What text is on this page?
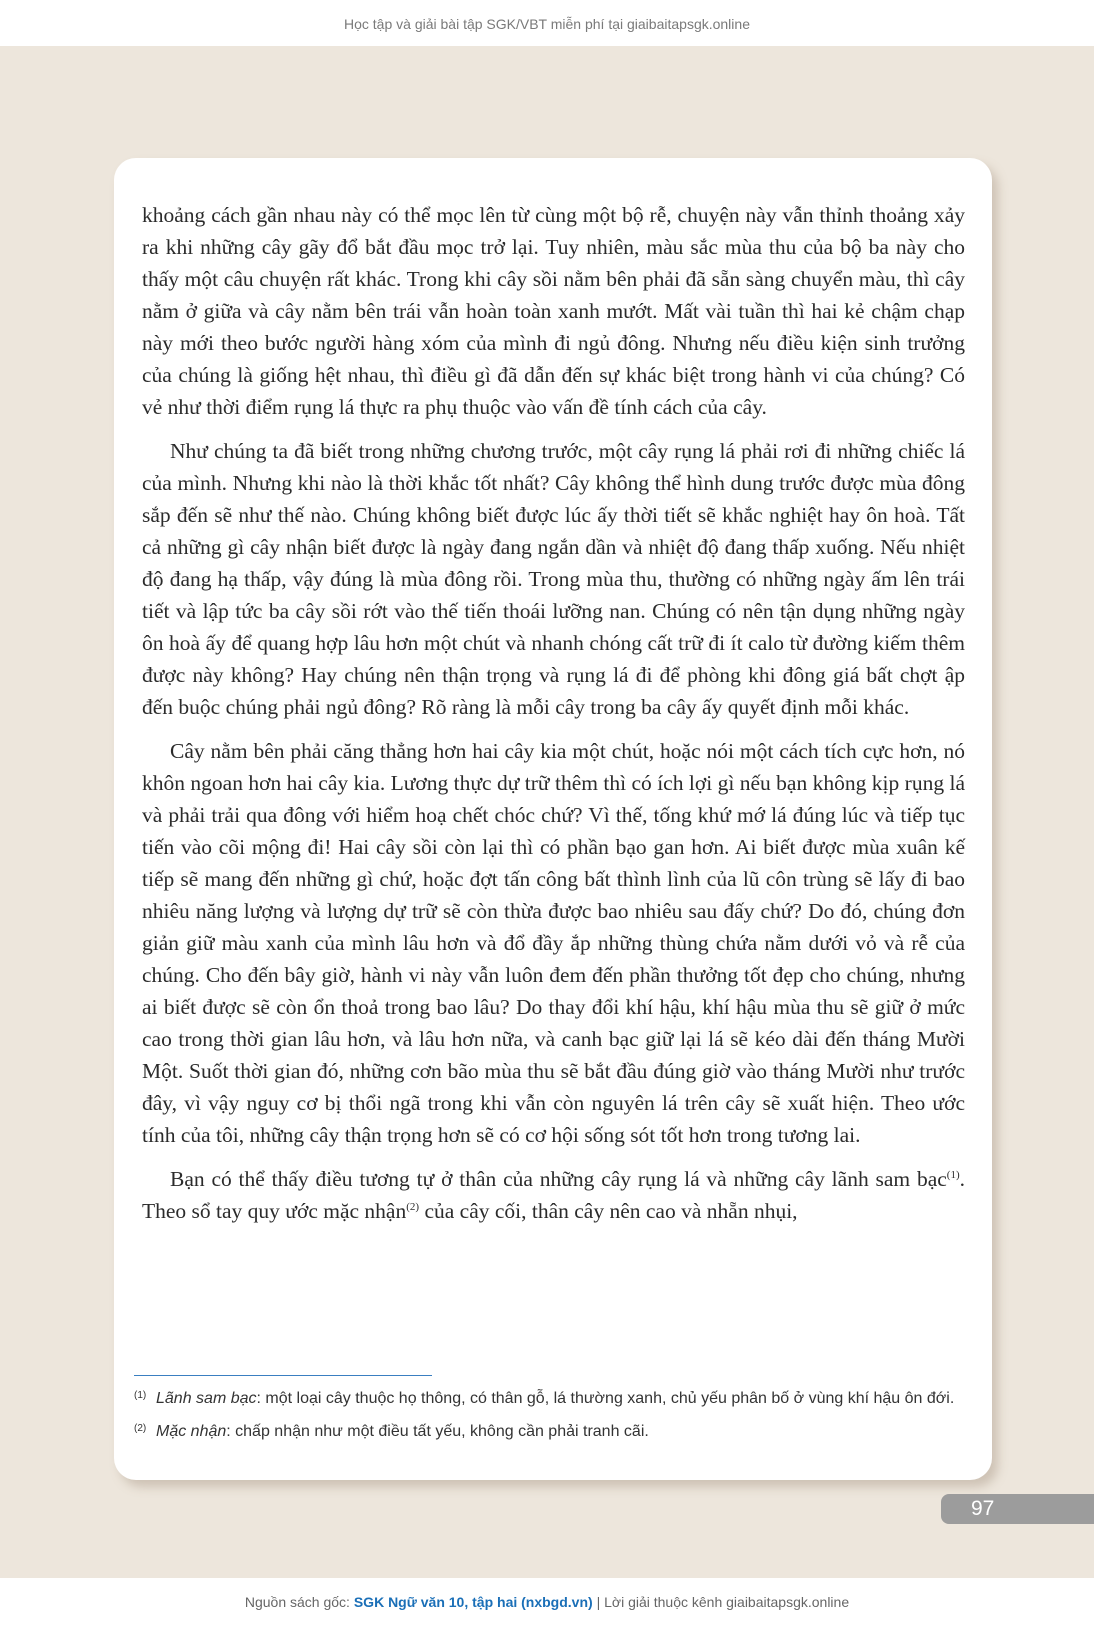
Học tập và giải bài tập SGK/VBT miễn phí tại giaibaitapsgk.online

khoảng cách gần nhau này có thể mọc lên từ cùng một bộ rễ, chuyện này vẫn thỉnh thoảng xảy ra khi những cây gãy đổ bắt đầu mọc trở lại. Tuy nhiên, màu sắc mùa thu của bộ ba này cho thấy một câu chuyện rất khác. Trong khi cây sồi nằm bên phải đã sẵn sàng chuyển màu, thì cây nằm ở giữa và cây nằm bên trái vẫn hoàn toàn xanh mướt. Mất vài tuần thì hai kẻ chậm chạp này mới theo bước người hàng xóm của mình đi ngủ đông. Nhưng nếu điều kiện sinh trưởng của chúng là giống hệt nhau, thì điều gì đã dẫn đến sự khác biệt trong hành vi của chúng? Có vẻ như thời điểm rụng lá thực ra phụ thuộc vào vấn đề tính cách của cây.

Như chúng ta đã biết trong những chương trước, một cây rụng lá phải rơi đi những chiếc lá của mình. Nhưng khi nào là thời khắc tốt nhất? Cây không thể hình dung trước được mùa đông sắp đến sẽ như thế nào. Chúng không biết được lúc ấy thời tiết sẽ khắc nghiệt hay ôn hoà. Tất cả những gì cây nhận biết được là ngày đang ngắn dần và nhiệt độ đang thấp xuống. Nếu nhiệt độ đang hạ thấp, vậy đúng là mùa đông rồi. Trong mùa thu, thường có những ngày ấm lên trái tiết và lập tức ba cây sồi rớt vào thế tiến thoái lưỡng nan. Chúng có nên tận dụng những ngày ôn hoà ấy để quang hợp lâu hơn một chút và nhanh chóng cất trữ đi ít calo từ đường kiếm thêm được này không? Hay chúng nên thận trọng và rụng lá đi để phòng khi đông giá bất chợt ập đến buộc chúng phải ngủ đông? Rõ ràng là mỗi cây trong ba cây ấy quyết định mỗi khác.

Cây nằm bên phải căng thẳng hơn hai cây kia một chút, hoặc nói một cách tích cực hơn, nó khôn ngoan hơn hai cây kia. Lương thực dự trữ thêm thì có ích lợi gì nếu bạn không kịp rụng lá và phải trải qua đông với hiểm hoạ chết chóc chứ? Vì thế, tống khứ mớ lá đúng lúc và tiếp tục tiến vào cõi mộng đi! Hai cây sồi còn lại thì có phần bạo gan hơn. Ai biết được mùa xuân kế tiếp sẽ mang đến những gì chứ, hoặc đợt tấn công bất thình lình của lũ côn trùng sẽ lấy đi bao nhiêu năng lượng và lượng dự trữ sẽ còn thừa được bao nhiêu sau đấy chứ? Do đó, chúng đơn giản giữ màu xanh của mình lâu hơn và đổ đầy ắp những thùng chứa nằm dưới vỏ và rễ của chúng. Cho đến bây giờ, hành vi này vẫn luôn đem đến phần thưởng tốt đẹp cho chúng, nhưng ai biết được sẽ còn ổn thoả trong bao lâu? Do thay đổi khí hậu, khí hậu mùa thu sẽ giữ ở mức cao trong thời gian lâu hơn, và lâu hơn nữa, và canh bạc giữ lại lá sẽ kéo dài đến tháng Mười Một. Suốt thời gian đó, những cơn bão mùa thu sẽ bắt đầu đúng giờ vào tháng Mười như trước đây, vì vậy nguy cơ bị thổi ngã trong khi vẫn còn nguyên lá trên cây sẽ xuất hiện. Theo ước tính của tôi, những cây thận trọng hơn sẽ có cơ hội sống sót tốt hơn trong tương lai.

Bạn có thể thấy điều tương tự ở thân của những cây rụng lá và những cây lãnh sam bạc$^{(1)}$. Theo sổ tay quy ước mặc nhận$^{(2)}$ của cây cối, thân cây nên cao và nhẵn nhụi,

(1) Lãnh sam bạc: một loại cây thuộc họ thông, có thân gỗ, lá thường xanh, chủ yếu phân bố ở vùng khí hậu ôn đới.
(2) Mặc nhận: chấp nhận như một điều tất yếu, không cần phải tranh cãi.
97
Nguồn sách gốc: SGK Ngữ văn 10, tập hai (nxbgd.vn) | Lời giải thuộc kênh giaibaitapsgk.online
